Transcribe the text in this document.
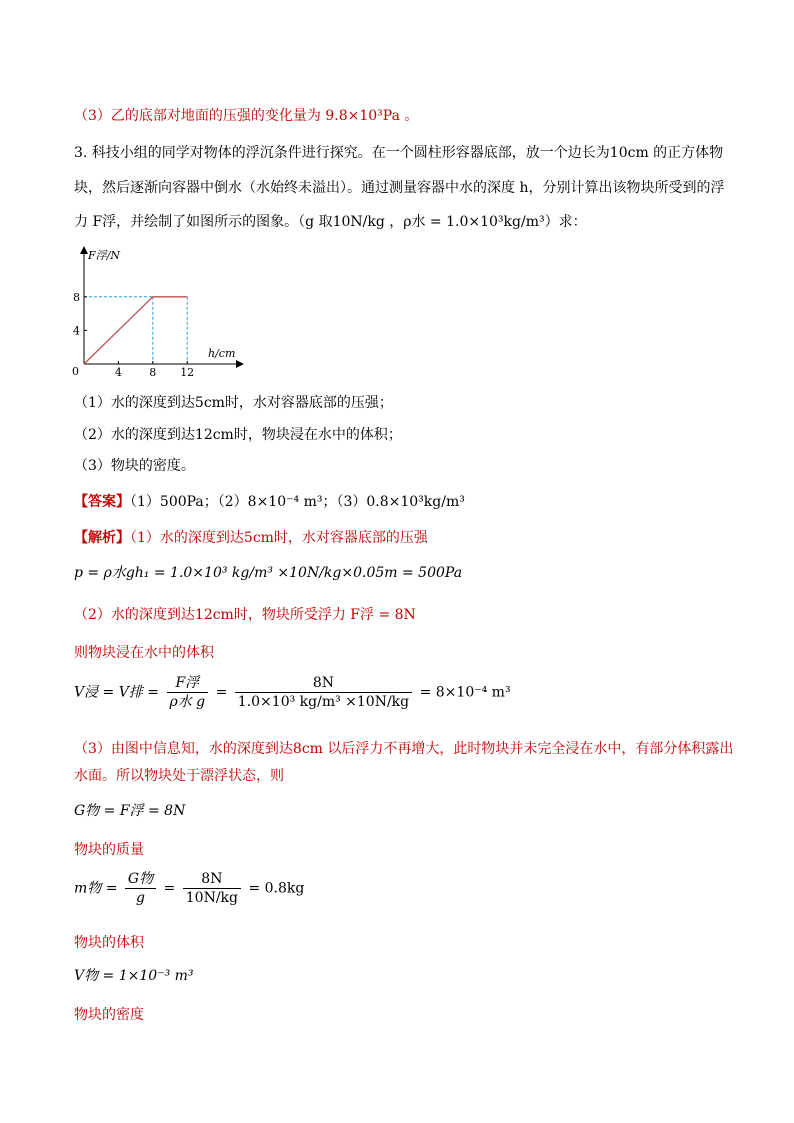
（3）乙的底部对地面的压强的变化量为 9.8×10³Pa 。
3. 科技小组的同学对物体的浮沉条件进行探究。在一个圆柱形容器底部，放一个边长为10cm 的正方体物
块，然后逐渐向容器中倒水（水始终未溢出）。通过测量容器中水的深度 h，分别计算出该物块所受到的浮
力 F浮，并绘制了如图所示的图象。（g 取10N/kg ，ρ水 = 1.0×10³kg/m³）求：
4 8 12
4
8
F浮/N
h/cm
0
（1）水的深度到达5cm时，水对容器底部的压强；
（2）水的深度到达12cm时，物块浸在水中的体积；
（3）物块的密度。
【答案】（1）500Pa；（2）8×10⁻⁴ m³；（3）0.8×10³kg/m³
【解析】（1）水的深度到达5cm时，水对容器底部的压强
p = ρ水gh₁ = 1.0×10³ kg/m³ ×10N/kg×0.05m = 500Pa
（2）水的深度到达12cm时，物块所受浮力 F浮 = 8N
则物块浸在水中的体积
V浸 = V排 = $\frac{\text{F浮}}{\text{ρ水 g}} = \frac{8N}{\text{1.0×10³ kg/m³ ×10N/kg}} = 8\times 10^{-4}$ m³
（3）由图中信息知，水的深度到达8cm 以后浮力不再增大，此时物块并未完全浸在水中，有部分体积露出
水面。所以物块处于漂浮状态，则
G物 = F浮 = 8N
物块的质量
m物 = $\frac{\text{G物}}{g} = \frac{8N}{10N/kg} = 0.8kg$
物块的体积
V物 = 1×10⁻³ m³
物块的密度
